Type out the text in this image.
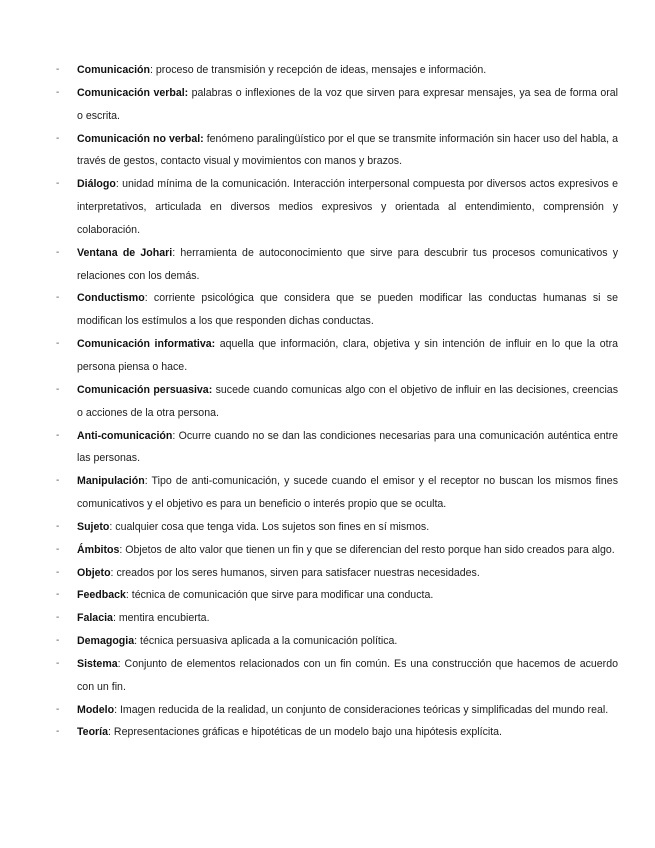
- Comunicación: proceso de transmisión y recepción de ideas, mensajes e información.
- Comunicación verbal: palabras o inflexiones de la voz que sirven para expresar mensajes, ya sea de forma oral o escrita.
- Comunicación no verbal: fenómeno paralingüístico por el que se transmite información sin hacer uso del habla, a través de gestos, contacto visual y movimientos con manos y brazos.
- Diálogo: unidad mínima de la comunicación. Interacción interpersonal compuesta por diversos actos expresivos e interpretativos, articulada en diversos medios expresivos y orientada al entendimiento, comprensión y colaboración.
- Ventana de Johari: herramienta de autoconocimiento que sirve para descubrir tus procesos comunicativos y relaciones con los demás.
- Conductismo: corriente psicológica que considera que se pueden modificar las conductas humanas si se modifican los estímulos a los que responden dichas conductas.
- Comunicación informativa: aquella que información, clara, objetiva y sin intención de influir en lo que la otra persona piensa o hace.
- Comunicación persuasiva: sucede cuando comunicas algo con el objetivo de influir en las decisiones, creencias o acciones de la otra persona.
- Anti-comunicación: Ocurre cuando no se dan las condiciones necesarias para una comunicación auténtica entre las personas.
- Manipulación: Tipo de anti-comunicación, y sucede cuando el emisor y el receptor no buscan los mismos fines comunicativos y el objetivo es para un beneficio o interés propio que se oculta.
- Sujeto: cualquier cosa que tenga vida. Los sujetos son fines en sí mismos.
- Ámbitos: Objetos de alto valor que tienen un fin y que se diferencian del resto porque han sido creados para algo.
- Objeto: creados por los seres humanos, sirven para satisfacer nuestras necesidades.
- Feedback: técnica de comunicación que sirve para modificar una conducta.
- Falacia: mentira encubierta.
- Demagogia: técnica persuasiva aplicada a la comunicación política.
- Sistema: Conjunto de elementos relacionados con un fin común. Es una construcción que hacemos de acuerdo con un fin.
- Modelo: Imagen reducida de la realidad, un conjunto de consideraciones teóricas y simplificadas del mundo real.
- Teoría: Representaciones gráficas e hipotéticas de un modelo bajo una hipótesis explícita.
